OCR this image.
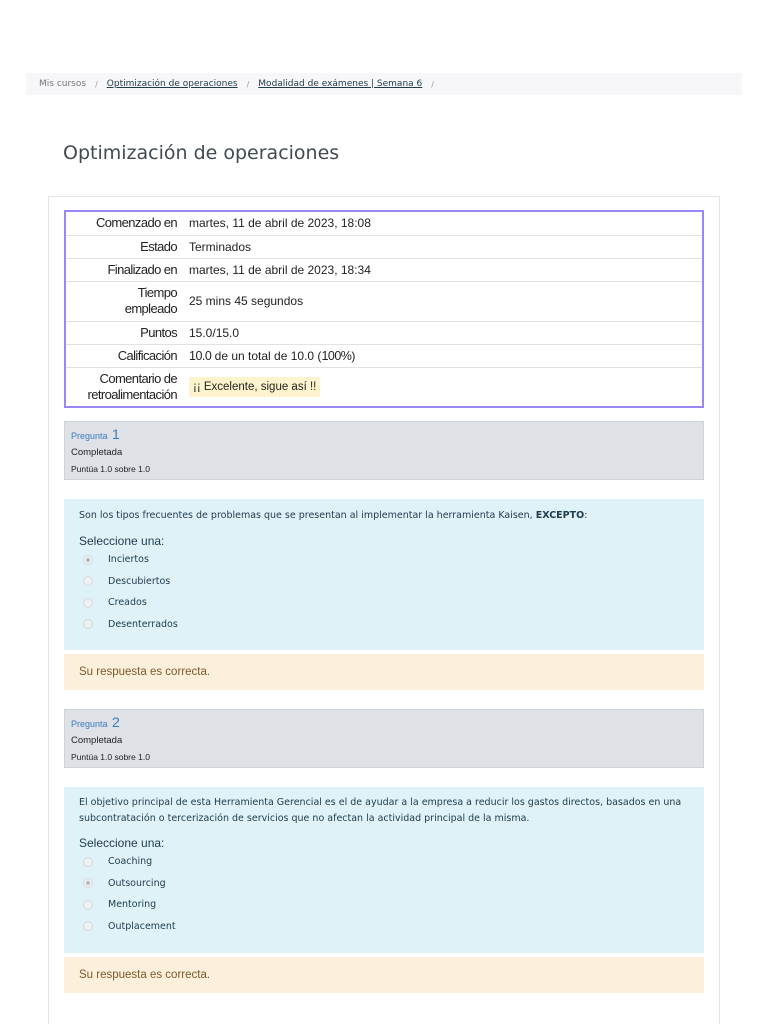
Mis cursos / Optimización de operaciones / Modalidad de exámenes | Semana 6 /
Optimización de operaciones
Comenzado en	martes, 11 de abril de 2023, 18:08
Estado	Terminados
Finalizado en	martes, 11 de abril de 2023, 18:34
Tiempo empleado	25 mins 45 segundos
Puntos	15.0/15.0
Calificación	10.0 de un total de 10.0 (100%)
Comentario de retroalimentación	¡¡ Excelente, sigue así !!
Pregunta 1
Completada
Puntúa 1.0 sobre 1.0
Son los tipos frecuentes de problemas que se presentan al implementar la herramienta Kaisen, EXCEPTO:
Seleccione una:
Inciertos
Descubiertos
Creados
Desenterrados
Su respuesta es correcta.
Pregunta 2
Completada
Puntúa 1.0 sobre 1.0
El objetivo principal de esta Herramienta Gerencial es el de ayudar a la empresa a reducir los gastos directos, basados en una subcontratación o tercerización de servicios que no afectan la actividad principal de la misma.
Seleccione una:
Coaching
Outsourcing
Mentoring
Outplacement
Su respuesta es correcta.
